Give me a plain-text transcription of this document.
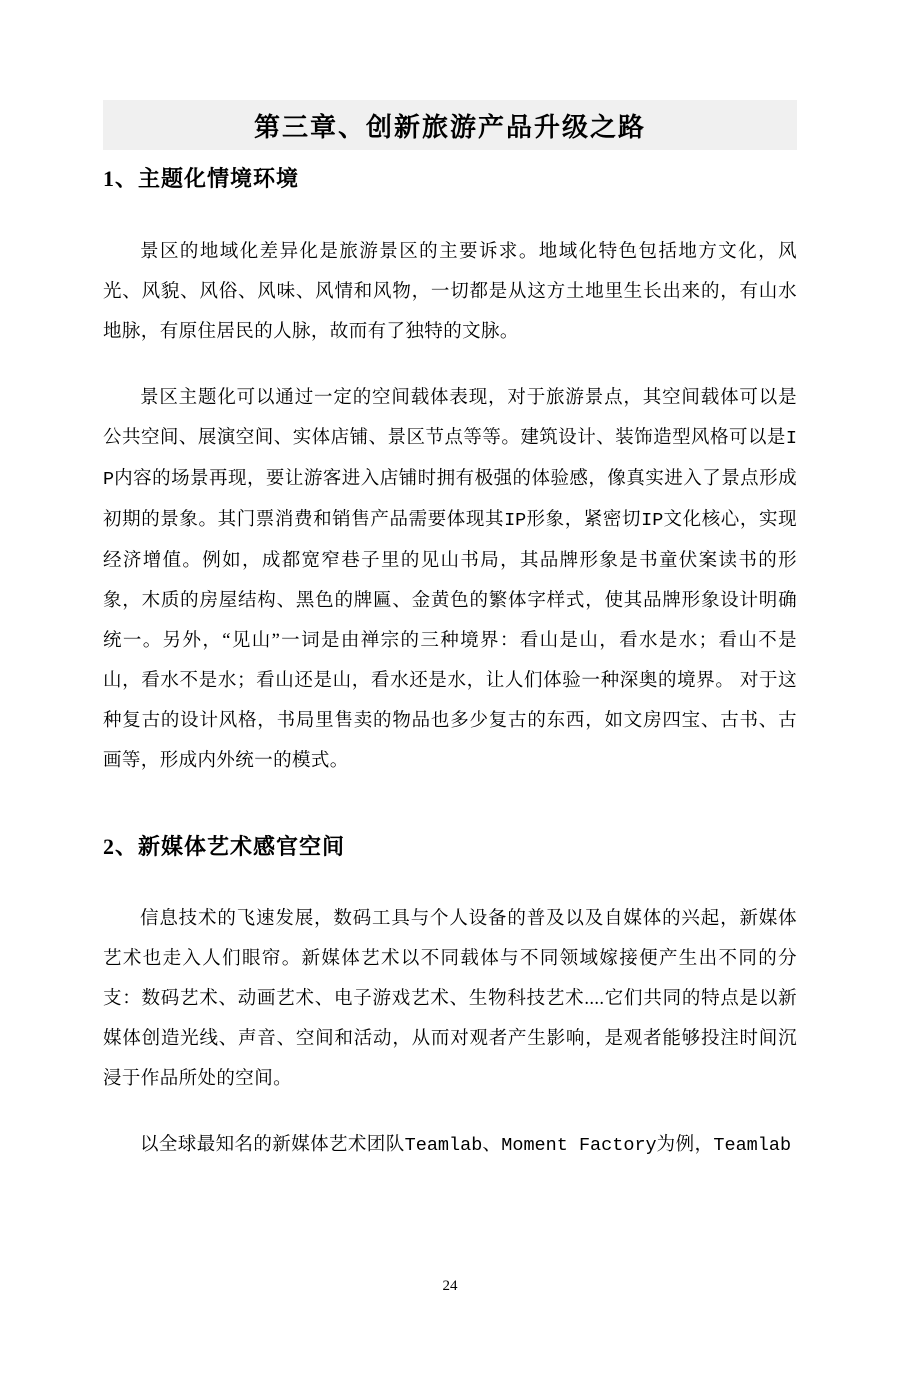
第三章、创新旅游产品升级之路
1、主题化情境环境

景区的地域化差异化是旅游景区的主要诉求。地域化特色包括地方文化，风光、风貌、风俗、风味、风情和风物，一切都是从这方土地里生长出来的，有山水地脉，有原住居民的人脉，故而有了独特的文脉。

景区主题化可以通过一定的空间载体表现，对于旅游景点，其空间载体可以是公共空间、展演空间、实体店铺、景区节点等等。建筑设计、装饰造型风格可以是IP内容的场景再现，要让游客进入店铺时拥有极强的体验感，像真实进入了景点形成初期的景象。其门票消费和销售产品需要体现其IP形象，紧密切IP文化核心，实现经济增值。例如，成都宽窄巷子里的见山书局，其品牌形象是书童伏案读书的形象，木质的房屋结构、黑色的牌匾、金黄色的繁体字样式，使其品牌形象设计明确统一。另外，“见山”一词是由禅宗的三种境界：看山是山，看水是水；看山不是山，看水不是水；看山还是山，看水还是水，让人们体验一种深奥的境界。 对于这种复古的设计风格，书局里售卖的物品也多少复古的东西，如文房四宝、古书、古画等，形成内外统一的模式。

2、新媒体艺术感官空间

信息技术的飞速发展，数码工具与个人设备的普及以及自媒体的兴起，新媒体艺术也走入人们眼帘。新媒体艺术以不同载体与不同领域嫁接便产生出不同的分支：数码艺术、动画艺术、电子游戏艺术、生物科技艺术....它们共同的特点是以新媒体创造光线、声音、空间和活动，从而对观者产生影响，是观者能够投注时间沉浸于作品所处的空间。

以全球最知名的新媒体艺术团队Teamlab、Moment Factory为例，Teamlab

24
